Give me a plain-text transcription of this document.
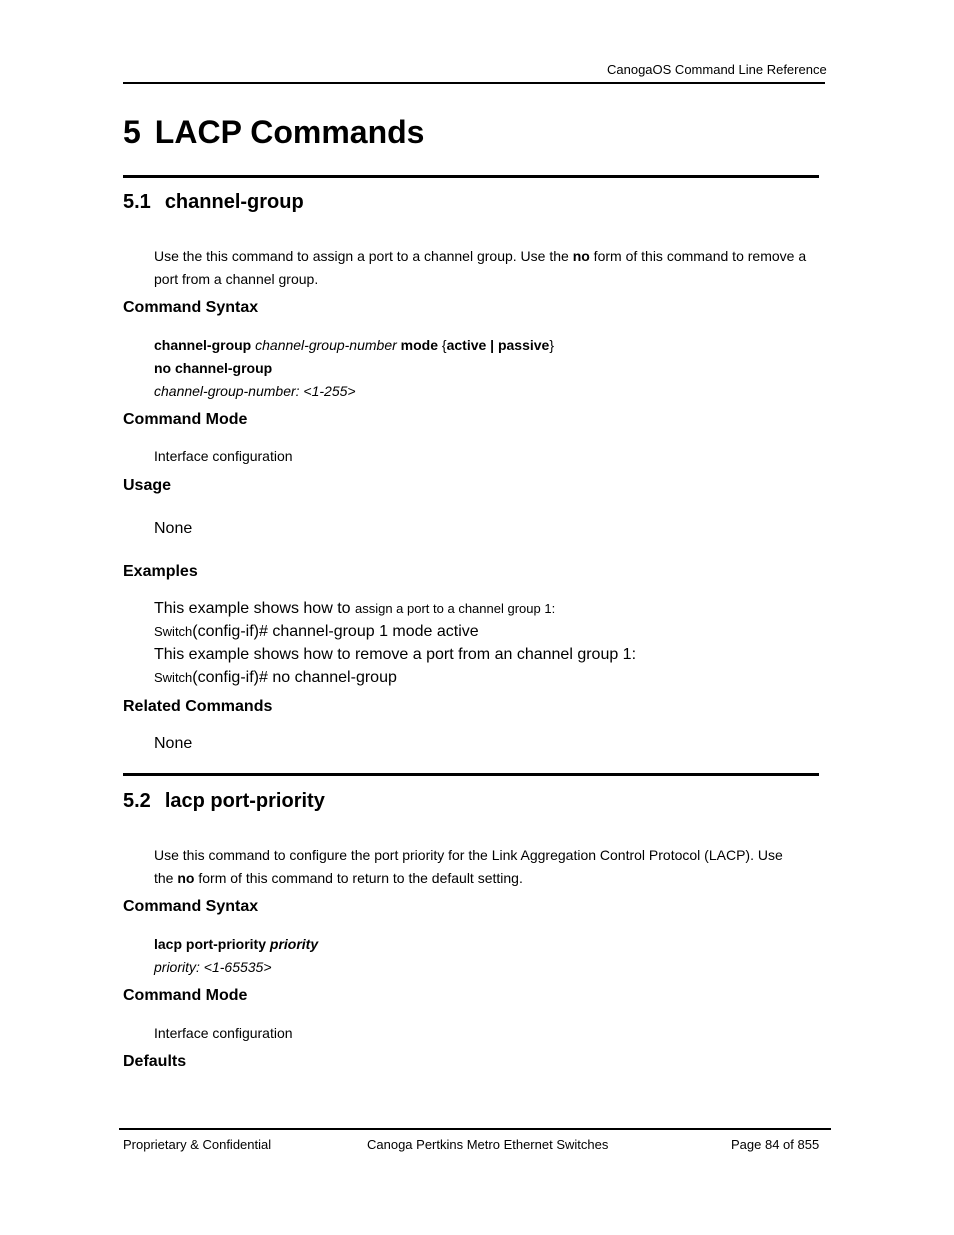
CanogaOS Command Line Reference
5 LACP Commands
5.1 channel-group
Use the this command to assign a port to a channel group. Use the no form of this command to remove a
port from a channel group.
Command Syntax
channel-group channel-group-number mode {active | passive}
no channel-group
channel-group-number: <1-255>
Command Mode
Interface configuration
Usage
None
Examples
This example shows how to assign a port to a channel group 1:
Switch(config-if)# channel-group 1 mode active
This example shows how to remove a port from an channel group 1:
Switch(config-if)# no channel-group
Related Commands
None
5.2 lacp port-priority
Use this command to configure the port priority for the Link Aggregation Control Protocol (LACP). Use
the no form of this command to return to the default setting.
Command Syntax
lacp port-priority priority
priority: <1-65535>
Command Mode
Interface configuration
Defaults
Proprietary & Confidential	Canoga Pertkins Metro Ethernet Switches	Page 84 of 855
